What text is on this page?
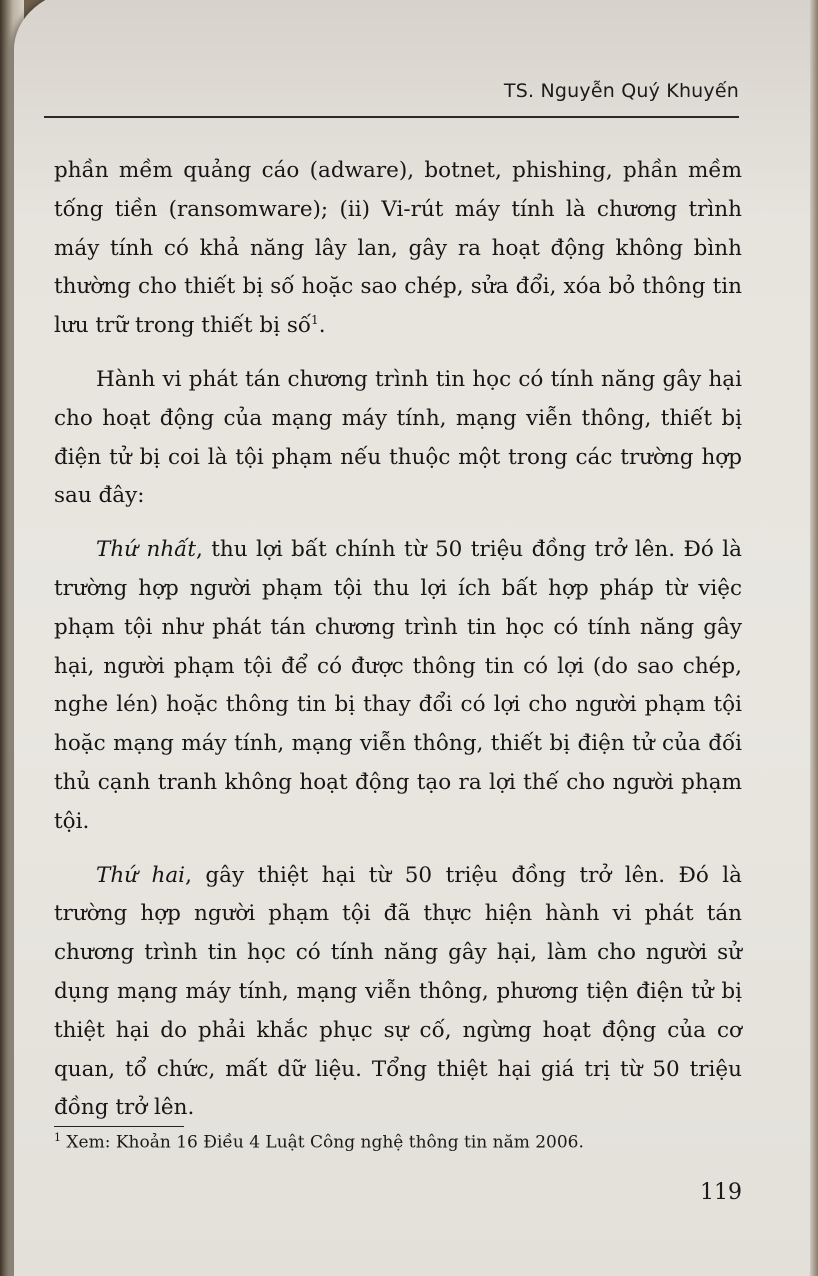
TS. Nguyễn Quý Khuyến

phần mềm quảng cáo (adware), botnet, phishing, phần mềm tống tiền (ransomware); (ii) Vi-rút máy tính là chương trình máy tính có khả năng lây lan, gây ra hoạt động không bình thường cho thiết bị số hoặc sao chép, sửa đổi, xóa bỏ thông tin lưu trữ trong thiết bị số$^1$.

Hành vi phát tán chương trình tin học có tính năng gây hại cho hoạt động của mạng máy tính, mạng viễn thông, thiết bị điện tử bị coi là tội phạm nếu thuộc một trong các trường hợp sau đây:

Thứ nhất, thu lợi bất chính từ 50 triệu đồng trở lên. Đó là trường hợp người phạm tội thu lợi ích bất hợp pháp từ việc phạm tội như phát tán chương trình tin học có tính năng gây hại, người phạm tội để có được thông tin có lợi (do sao chép, nghe lén) hoặc thông tin bị thay đổi có lợi cho người phạm tội hoặc mạng máy tính, mạng viễn thông, thiết bị điện tử của đối thủ cạnh tranh không hoạt động tạo ra lợi thế cho người phạm tội.

Thứ hai, gây thiệt hại từ 50 triệu đồng trở lên. Đó là trường hợp người phạm tội đã thực hiện hành vi phát tán chương trình tin học có tính năng gây hại, làm cho người sử dụng mạng máy tính, mạng viễn thông, phương tiện điện tử bị thiệt hại do phải khắc phục sự cố, ngừng hoạt động của cơ quan, tổ chức, mất dữ liệu. Tổng thiệt hại giá trị từ 50 triệu đồng trở lên.

$^1$ Xem: Khoản 16 Điều 4 Luật Công nghệ thông tin năm 2006.
119
